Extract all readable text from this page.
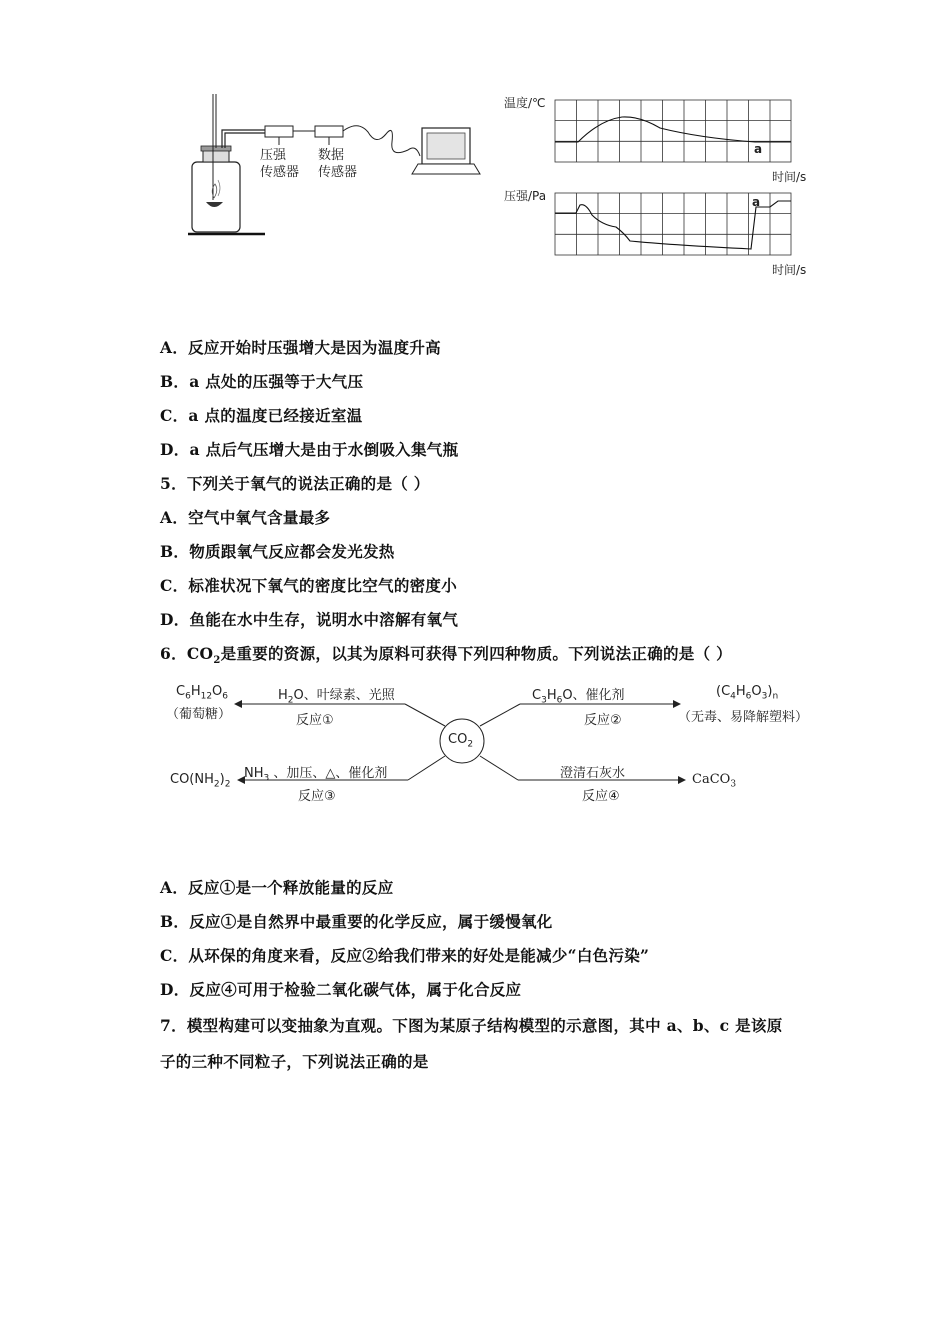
压强
传感器
数据
传感器
温度/℃
a
时间/s
压强/Pa	a
时间/s
A．反应开始时压强增大是因为温度升高
B．a 点处的压强等于大气压
C．a 点的温度已经接近室温
D．a 点后气压增大是由于水倒吸入集气瓶
5．下列关于氧气的说法正确的是（ ）
A．空气中氧气含量最多
B．物质跟氧气反应都会发光发热
C．标准状况下氧气的密度比空气的密度小
D．鱼能在水中生存，说明水中溶解有氧气
6．$CO_2$是重要的资源，以其为原料可获得下列四种物质。下列说法正确的是（ ）
$CO_2$
$C_6H_{12}O_6$
（葡萄糖）
$H_2O$、叶绿素、光照
反应①
$C_3H_6O$、催化剂
反应②
$(C_4H_6O_3)_n$
（无毒、易降解塑料）
$NH_3$ 、加压、△、催化剂
反应③
$CO(NH_2)_2$
澄清石灰水
反应④
CaCO$_3$
A．反应①是一个释放能量的反应
B．反应①是自然界中最重要的化学反应，属于缓慢氧化
C．从环保的角度来看，反应②给我们带来的好处是能减少“白色污染”
D．反应④可用于检验二氧化碳气体，属于化合反应
7．模型构建可以变抽象为直观。下图为某原子结构模型的示意图，其中 a、b、c 是该原
子的三种不同粒子，下列说法正确的是
